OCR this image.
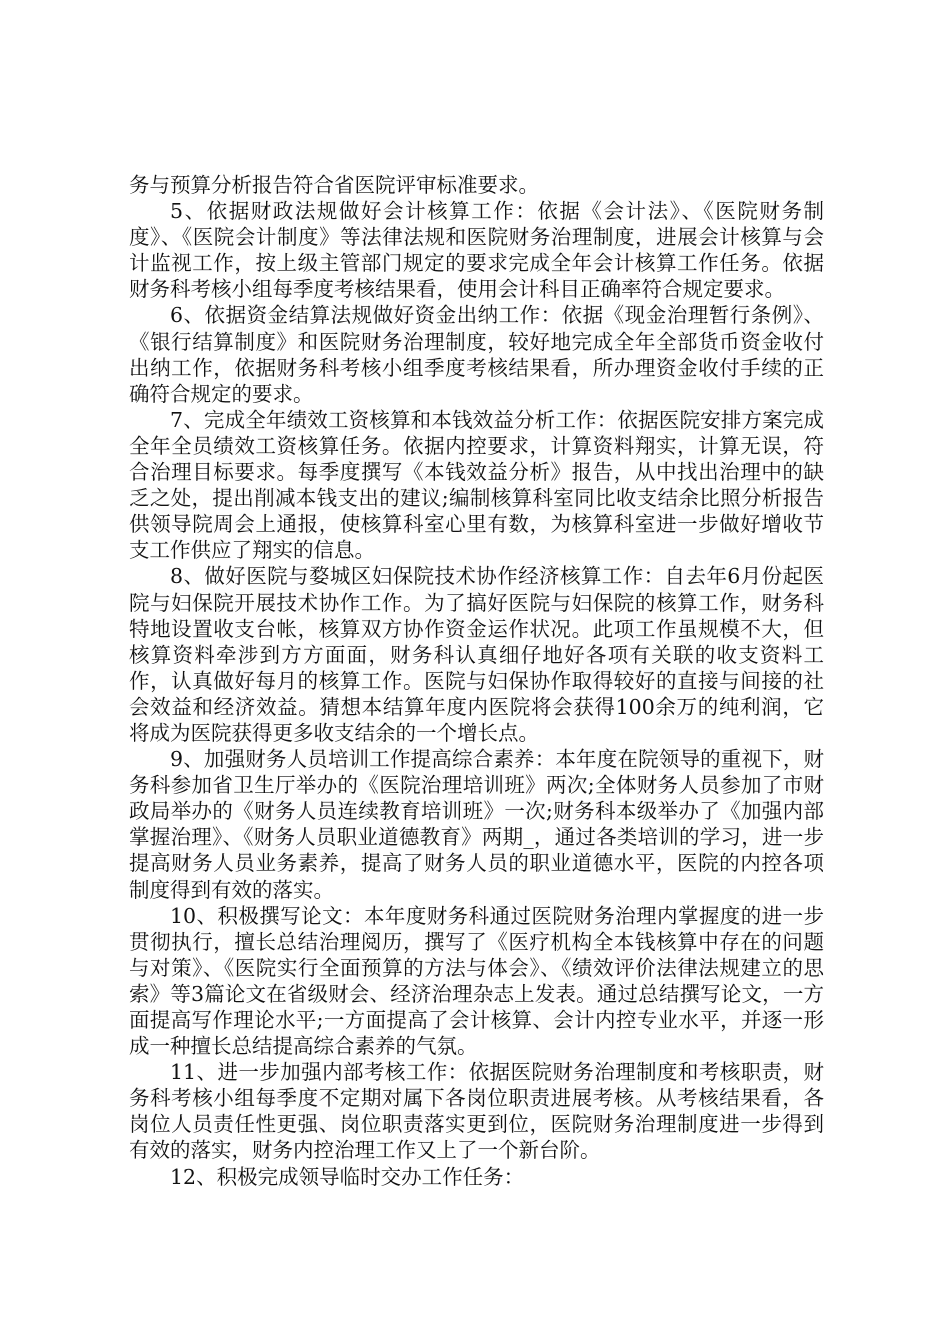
务与预算分析报告符合省医院评审标准要求。

5、依据财政法规做好会计核算工作：依据《会计法》、《医院财务制度》、《医院会计制度》等法律法规和医院财务治理制度，进展会计核算与会计监视工作，按上级主管部门规定的要求完成全年会计核算工作任务。依据财务科考核小组每季度考核结果看，使用会计科目正确率符合规定要求。

6、依据资金结算法规做好资金出纳工作：依据《现金治理暂行条例》、《银行结算制度》和医院财务治理制度，较好地完成全年全部货币资金收付出纳工作，依据财务科考核小组季度考核结果看，所办理资金收付手续的正确符合规定的要求。

7、完成全年绩效工资核算和本钱效益分析工作：依据医院安排方案完成全年全员绩效工资核算任务。依据内控要求，计算资料翔实，计算无误，符合治理目标要求。每季度撰写《本钱效益分析》报告，从中找出治理中的缺乏之处，提出削减本钱支出的建议;编制核算科室同比收支结余比照分析报告供领导院周会上通报，使核算科室心里有数，为核算科室进一步做好增收节支工作供应了翔实的信息。

8、做好医院与婺城区妇保院技术协作经济核算工作：自去年6月份起医院与妇保院开展技术协作工作。为了搞好医院与妇保院的核算工作，财务科特地设置收支台帐，核算双方协作资金运作状况。此项工作虽规模不大，但核算资料牵涉到方方面面，财务科认真细仔地好各项有关联的收支资料工作，认真做好每月的核算工作。医院与妇保协作取得较好的直接与间接的社会效益和经济效益。猜想本结算年度内医院将会获得100余万的纯利润，它将成为医院获得更多收支结余的一个增长点。

9、加强财务人员培训工作提高综合素养：本年度在院领导的重视下，财务科参加省卫生厅举办的《医院治理培训班》两次;全体财务人员参加了市财政局举办的《财务人员连续教育培训班》一次;财务科本级举办了《加强内部掌握治理》、《财务人员职业道德教育》两期_，通过各类培训的学习，进一步提高财务人员业务素养，提高了财务人员的职业道德水平，医院的内控各项制度得到有效的落实。

10、积极撰写论文：本年度财务科通过医院财务治理内掌握度的进一步贯彻执行，擅长总结治理阅历，撰写了《医疗机构全本钱核算中存在的问题与对策》、《医院实行全面预算的方法与体会》、《绩效评价法律法规建立的思索》等3篇论文在省级财会、经济治理杂志上发表。通过总结撰写论文，一方面提高写作理论水平;一方面提高了会计核算、会计内控专业水平，并逐一形成一种擅长总结提高综合素养的气氛。

11、进一步加强内部考核工作：依据医院财务治理制度和考核职责，财务科考核小组每季度不定期对属下各岗位职责进展考核。从考核结果看，各岗位人员责任性更强、岗位职责落实更到位，医院财务治理制度进一步得到有效的落实，财务内控治理工作又上了一个新台阶。

12、积极完成领导临时交办工作任务：
